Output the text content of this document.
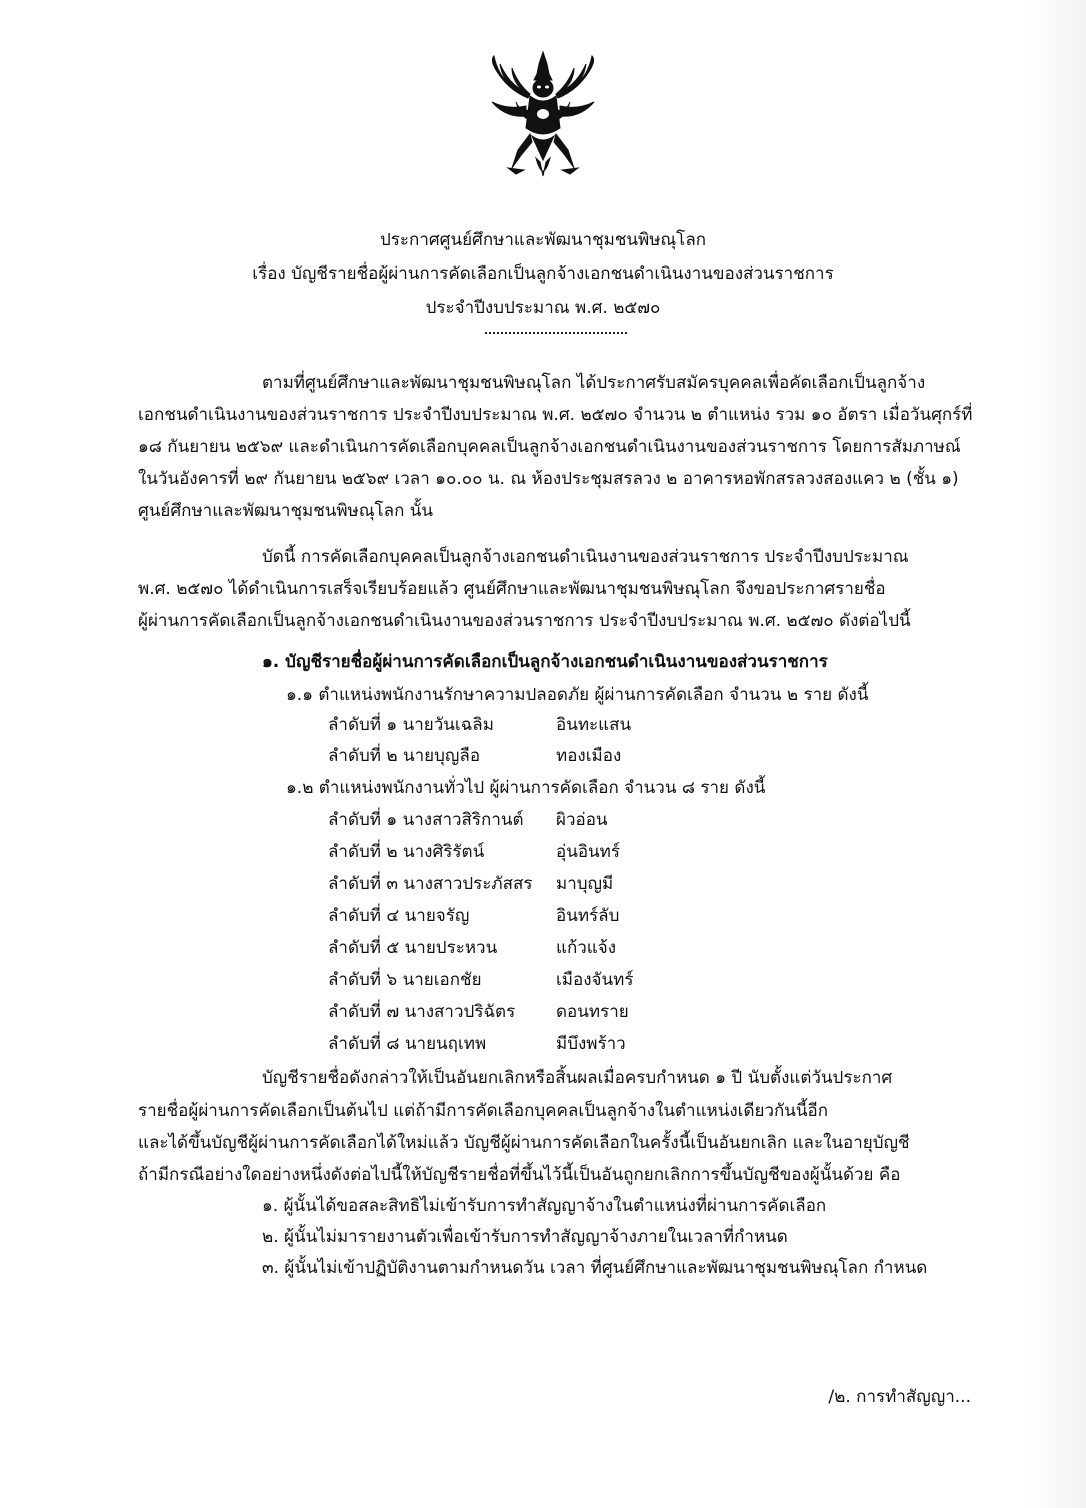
ประกาศศูนย์ศึกษาและพัฒนาชุมชนพิษณุโลก
เรื่อง บัญชีรายชื่อผู้ผ่านการคัดเลือกเป็นลูกจ้างเอกชนดำเนินงานของส่วนราชการ
ประจำปีงบประมาณ พ.ศ. ๒๕๗๐
ตามที่ศูนย์ศึกษาและพัฒนาชุมชนพิษณุโลก ได้ประกาศรับสมัครบุคคลเพื่อคัดเลือกเป็นลูกจ้าง
เอกชนดำเนินงานของส่วนราชการ ประจำปีงบประมาณ พ.ศ. ๒๕๗๐ จำนวน ๒ ตำแหน่ง รวม ๑๐ อัตรา เมื่อวันศุกร์ที่
๑๘ กันยายน ๒๕๖๙ และดำเนินการคัดเลือกบุคคลเป็นลูกจ้างเอกชนดำเนินงานของส่วนราชการ โดยการสัมภาษณ์
ในวันอังคารที่ ๒๙ กันยายน ๒๕๖๙ เวลา ๑๐.๐๐ น. ณ ห้องประชุมสรลวง ๒ อาคารหอพักสรลวงสองแคว ๒ (ชั้น ๑)
ศูนย์ศึกษาและพัฒนาชุมชนพิษณุโลก นั้น
บัดนี้ การคัดเลือกบุคคลเป็นลูกจ้างเอกชนดำเนินงานของส่วนราชการ ประจำปีงบประมาณ
พ.ศ. ๒๕๗๐ ได้ดำเนินการเสร็จเรียบร้อยแล้ว ศูนย์ศึกษาและพัฒนาชุมชนพิษณุโลก จึงขอประกาศรายชื่อ
ผู้ผ่านการคัดเลือกเป็นลูกจ้างเอกชนดำเนินงานของส่วนราชการ ประจำปีงบประมาณ พ.ศ. ๒๕๗๐ ดังต่อไปนี้
๑. บัญชีรายชื่อผู้ผ่านการคัดเลือกเป็นลูกจ้างเอกชนดำเนินงานของส่วนราชการ
๑.๑ ตำแหน่งพนักงานรักษาความปลอดภัย ผู้ผ่านการคัดเลือก จำนวน ๒ ราย ดังนี้
ลำดับที่ ๑ นายวันเฉลิม	อินทะแสน
ลำดับที่ ๒ นายบุญลือ	ทองเมือง
๑.๒ ตำแหน่งพนักงานทั่วไป ผู้ผ่านการคัดเลือก จำนวน ๘ ราย ดังนี้
ลำดับที่ ๑ นางสาวสิริกานต์ ผิวอ่อน
ลำดับที่ ๒ นางศิริรัตน์	อุ่นอินทร์
ลำดับที่ ๓ นางสาวประภัสสร มาบุญมี
ลำดับที่ ๔ นายจรัญ	อินทร์ลับ
ลำดับที่ ๕ นายประหวน	แก้วแจ้ง
ลำดับที่ ๖ นายเอกชัย	เมืองจันทร์
ลำดับที่ ๗ นางสาวปริฉัตร ดอนทราย
ลำดับที่ ๘ นายนฤเทพ	มีบึงพร้าว
บัญชีรายชื่อดังกล่าวให้เป็นอันยกเลิกหรือสิ้นผลเมื่อครบกำหนด ๑ ปี นับตั้งแต่วันประกาศ
รายชื่อผู้ผ่านการคัดเลือกเป็นต้นไป แต่ถ้ามีการคัดเลือกบุคคลเป็นลูกจ้างในตำแหน่งเดียวกันนี้อีก
และได้ขึ้นบัญชีผู้ผ่านการคัดเลือกได้ใหม่แล้ว บัญชีผู้ผ่านการคัดเลือกในครั้งนี้เป็นอันยกเลิก และในอายุบัญชี
ถ้ามีกรณีอย่างใดอย่างหนึ่งดังต่อไปนี้ให้บัญชีรายชื่อที่ขึ้นไว้นี้เป็นอันถูกยกเลิกการขึ้นบัญชีของผู้นั้นด้วย คือ
๑. ผู้นั้นได้ขอสละสิทธิไม่เข้ารับการทำสัญญาจ้างในตำแหน่งที่ผ่านการคัดเลือก
๒. ผู้นั้นไม่มารายงานตัวเพื่อเข้ารับการทำสัญญาจ้างภายในเวลาที่กำหนด
๓. ผู้นั้นไม่เข้าปฏิบัติงานตามกำหนดวัน เวลา ที่ศูนย์ศึกษาและพัฒนาชุมชนพิษณุโลก กำหนด
/๒. การทำสัญญา...
